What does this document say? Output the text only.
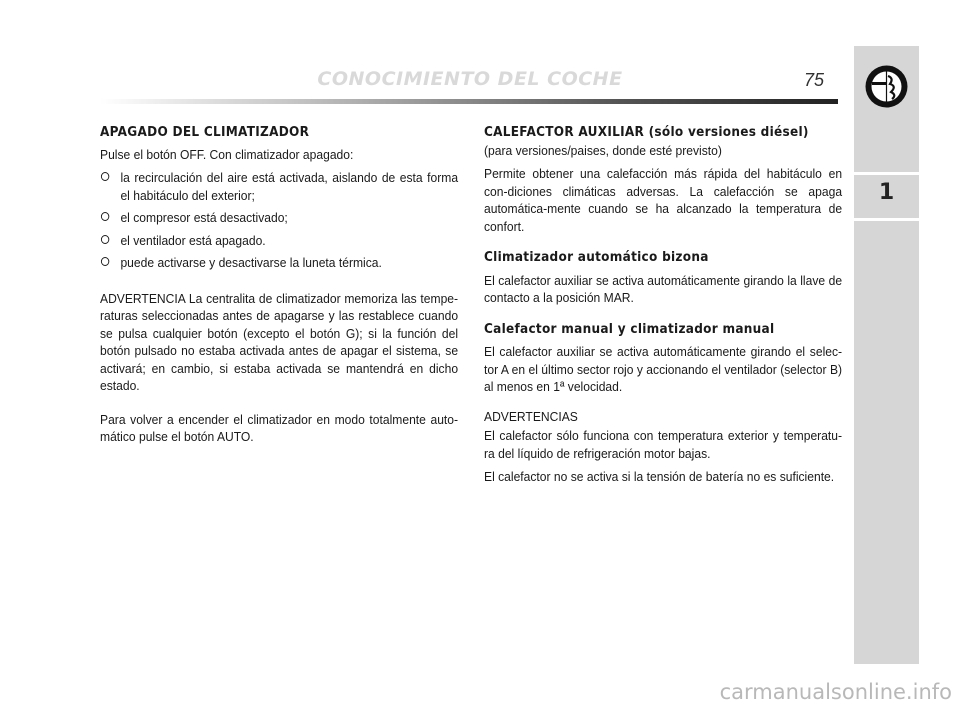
CONOCIMIENTO DEL COCHE	75
1
APAGADO DEL CLIMATIZADOR

Pulse el botón OFF. Con climatizador apagado:

la recirculación del aire está activada, aislando de esta forma el habitáculo del exterior;
el compresor está desactivado;
el ventilador está apagado.
puede activarse y desactivarse la luneta térmica.

ADVERTENCIA La centralita de climatizador memoriza las tempe-raturas seleccionadas antes de apagarse y las restablece cuando se pulsa cualquier botón (excepto el botón G); si la función del botón pulsado no estaba activada antes de apagar el sistema, se activará; en cambio, si estaba activada se mantendrá en dicho estado.

Para volver a encender el climatizador en modo totalmente auto-mático pulse el botón AUTO.

CALEFACTOR AUXILIAR (sólo versiones diésel)

(para versiones/paises, donde esté previsto)

Permite obtener una calefacción más rápida del habitáculo en con-diciones climáticas adversas. La calefacción se apaga automática-mente cuando se ha alcanzado la temperatura de confort.

Climatizador automático bizona

El calefactor auxiliar se activa automáticamente girando la llave de contacto a la posición MAR.

Calefactor manual y climatizador manual

El calefactor auxiliar se activa automáticamente girando el selec-tor A en el último sector rojo y accionando el ventilador (selector B) al menos en 1ª velocidad.

ADVERTENCIAS

El calefactor sólo funciona con temperatura exterior y temperatu-ra del líquido de refrigeración motor bajas.

El calefactor no se activa si la tensión de batería no es suficiente.

carmanualsonline.info
